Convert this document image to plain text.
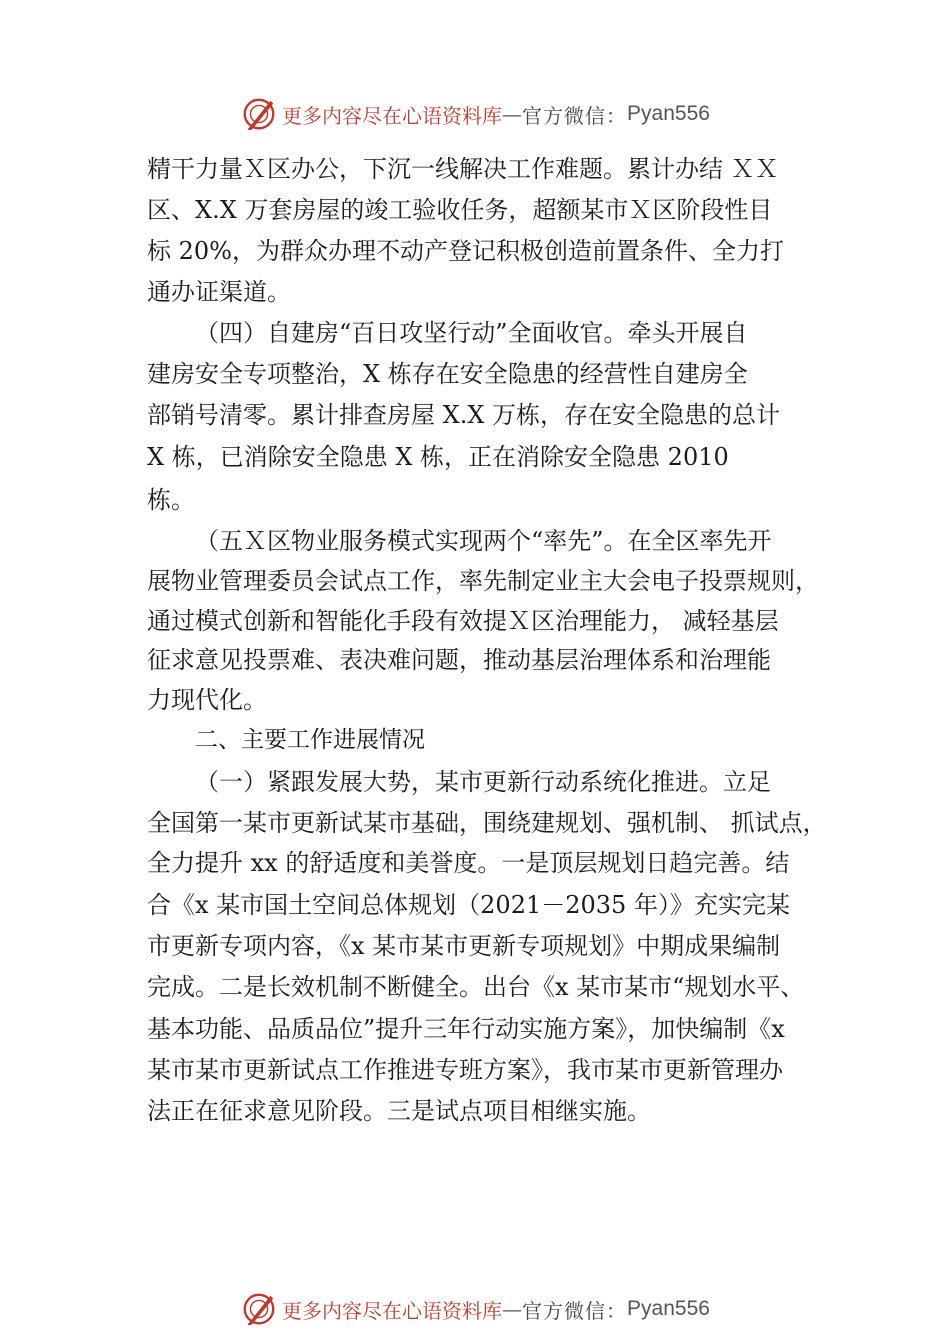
更多内容尽在心语资料库 — 官方微信： Pyan556
精干力量Ｘ区办公，下沉一线解决工作难题。累计办结 ＸＸ
区、X.X 万套房屋的竣工验收任务，超额某市Ｘ区阶段性目
标 20%，为群众办理不动产登记积极创造前置条件、全力打
通办证渠道。
（四）自建房“百日攻坚行动”全面收官。牵头开展自
建房安全专项整治，X 栋存在安全隐患的经营性自建房全
部销号清零。累计排查房屋 X.X 万栋，存在安全隐患的总计
X 栋，已消除安全隐患 X 栋，正在消除安全隐患 2010
栋。
（五Ｘ区物业服务模式实现两个“率先”。在全区率先开
展物业管理委员会试点工作，率先制定业主大会电子投票规则，
通过模式创新和智能化手段有效提Ｘ区治理能力， 减轻基层
征求意见投票难、表决难问题，推动基层治理体系和治理能
力现代化。
二、主要工作进展情况
（一）紧跟发展大势，某市更新行动系统化推进。立足
全国第一某市更新试某市基础，围绕建规划、强机制、 抓试点，
全力提升 xx 的舒适度和美誉度。一是顶层规划日趋完善。结
合《x 某市国土空间总体规划（2021－2035 年）》充实完某
市更新专项内容，《x 某市某市更新专项规划》中期成果编制
完成。二是长效机制不断健全。出台《x 某市某市“规划水平、
基本功能、品质品位”提升三年行动实施方案》，加快编制《x
某市某市更新试点工作推进专班方案》，我市某市更新管理办
法正在征求意见阶段。三是试点项目相继实施。
更多内容尽在心语资料库 — 官方微信： Pyan556
